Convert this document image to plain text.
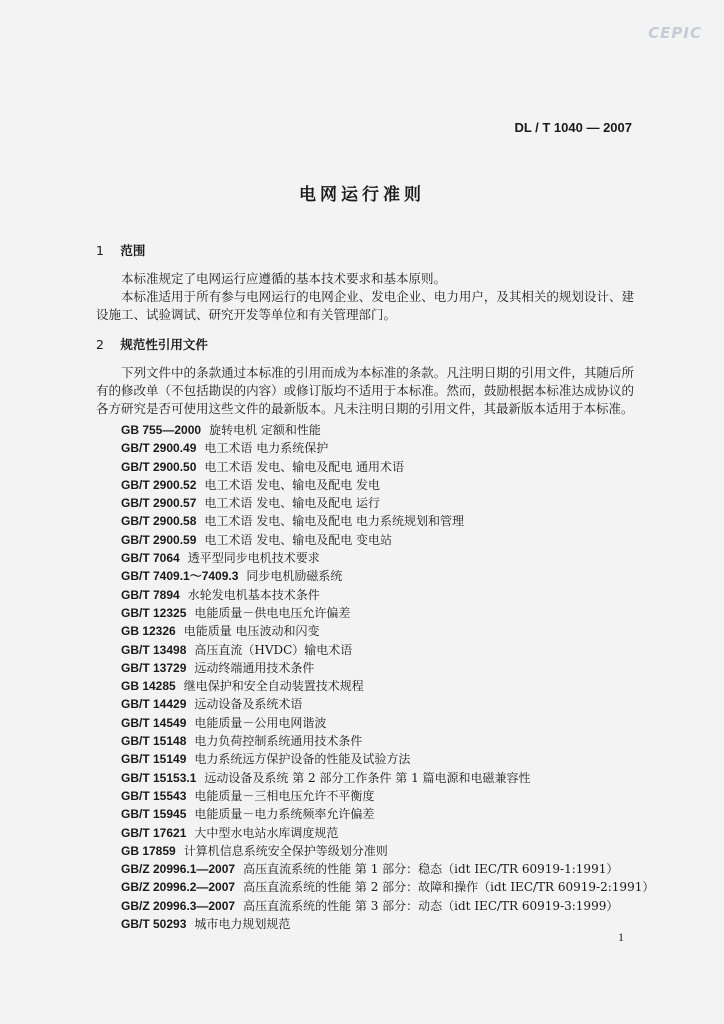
CEPIC
DL / T 1040 — 2007
电网运行准则
1 范围

本标准规定了电网运行应遵循的基本技术要求和基本原则。

本标准适用于所有参与电网运行的电网企业、发电企业、电力用户，及其相关的规划设计、建设施工、试验调试、研究开发等单位和有关管理部门。

2 规范性引用文件

下列文件中的条款通过本标准的引用而成为本标准的条款。凡注明日期的引用文件，其随后所有的修改单（不包括勘误的内容）或修订版均不适用于本标准。然而，鼓励根据本标准达成协议的各方研究是否可使用这些文件的最新版本。凡未注明日期的引用文件，其最新版本适用于本标准。

GB 755—2000 旋转电机 定额和性能
GB/T 2900.49 电工术语 电力系统保护
GB/T 2900.50 电工术语 发电、输电及配电 通用术语
GB/T 2900.52 电工术语 发电、输电及配电 发电
GB/T 2900.57 电工术语 发电、输电及配电 运行
GB/T 2900.58 电工术语 发电、输电及配电 电力系统规划和管理
GB/T 2900.59 电工术语 发电、输电及配电 变电站
GB/T 7064 透平型同步电机技术要求
GB/T 7409.1～7409.3 同步电机励磁系统
GB/T 7894 水轮发电机基本技术条件
GB/T 12325 电能质量－供电电压允许偏差
GB 12326 电能质量 电压波动和闪变
GB/T 13498 高压直流（HVDC）输电术语
GB/T 13729 远动终端通用技术条件
GB 14285 继电保护和安全自动装置技术规程
GB/T 14429 远动设备及系统术语
GB/T 14549 电能质量－公用电网谐波
GB/T 15148 电力负荷控制系统通用技术条件
GB/T 15149 电力系统远方保护设备的性能及试验方法
GB/T 15153.1 远动设备及系统 第 2 部分工作条件 第 1 篇电源和电磁兼容性
GB/T 15543 电能质量－三相电压允许不平衡度
GB/T 15945 电能质量－电力系统频率允许偏差
GB/T 17621 大中型水电站水库调度规范
GB 17859 计算机信息系统安全保护等级划分准则
GB/Z 20996.1—2007 高压直流系统的性能 第 1 部分：稳态（idt IEC/TR 60919-1:1991）
GB/Z 20996.2—2007 高压直流系统的性能 第 2 部分：故障和操作（idt IEC/TR 60919-2:1991）
GB/Z 20996.3—2007 高压直流系统的性能 第 3 部分：动态（idt IEC/TR 60919-3:1999）
GB/T 50293 城市电力规划规范
1
